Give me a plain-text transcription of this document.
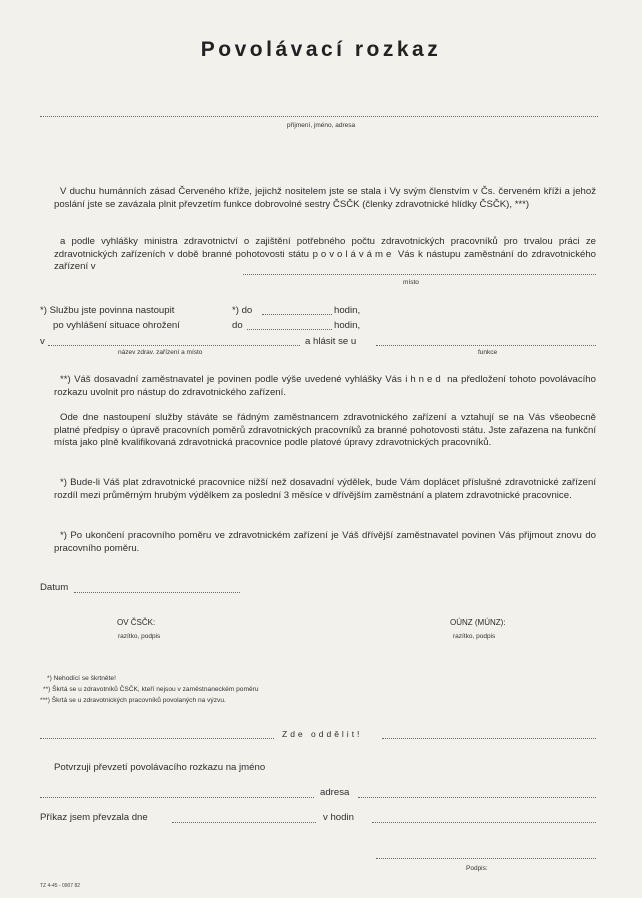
Povolávací rozkaz
příjmení, jméno, adresa
V duchu humánních zásad Červeného kříže, jejichž nositelem jste se stala i Vy svým členstvím v Čs. červeném kříži a jehož poslání jste se zavázala plnit převzetím funkce dobrovolné sestry ČSČK (členky zdravotnické hlídky ČSČK), ***)
a podle vyhlášky ministra zdravotnictví o zajištění potřebného počtu zdravotnických pracovníků pro trvalou práci ze zdravotnických zařízeních v době branné pohotovosti státu povoláváme Vás k nástupu zaměstnání do zdravotnického zařízení v
místo
*) Službu jste povinna nastoupit	*) do	hodin,
po vyhlášení situace ohrožení	do	hodin,
v	a hlásit se u
název zdrav. zařízení a místo	funkce
**) Váš dosavadní zaměstnavatel je povinen podle výše uvedené vyhlášky Vás ihned na předložení tohoto povolávacího rozkazu uvolnit pro nástup do zdravotnického zařízení.
Ode dne nastoupení služby stáváte se řádným zaměstnancem zdravotnického zařízení a vztahují se na Vás všeobecně platné předpisy o úpravě pracovních poměrů zdravotnických pracovníků za branné pohotovosti státu. Jste zařazena na funkční místa jako plně kvalifikovaná zdravotnická pracovnice podle platové úpravy zdravotnických pracovníků.
*) Bude-li Váš plat zdravotnické pracovnice nižší než dosavadní výdělek, bude Vám doplácet příslušné zdravotnické zařízení rozdíl mezi průměrným hrubým výdělkem za poslední 3 měsíce v dřívějším zaměstnání a platem zdravotnické pracovnice.
*) Po ukončení pracovního poměru ve zdravotnickém zařízení je Váš dřívější zaměstnavatel povinen Vás přijmout znovu do pracovního poměru.
Datum
OV ČSČK:
razítko, podpis
OÚNZ (MÚNZ):
razítko, podpis
*) Nehodící se škrtněte!
**) Škrtá se u zdravotníků ČSČK, kteří nejsou v zaměstnaneckém poměru
***) Škrtá se u zdravotnických pracovníků povolaných na výzvu.
Zde oddělit!
Potvrzuji převzetí povolávacího rozkazu na jméno
adresa
Příkaz jsem převzala dne	v hodin
Podpis:
TZ 4-45 - 0907 82
